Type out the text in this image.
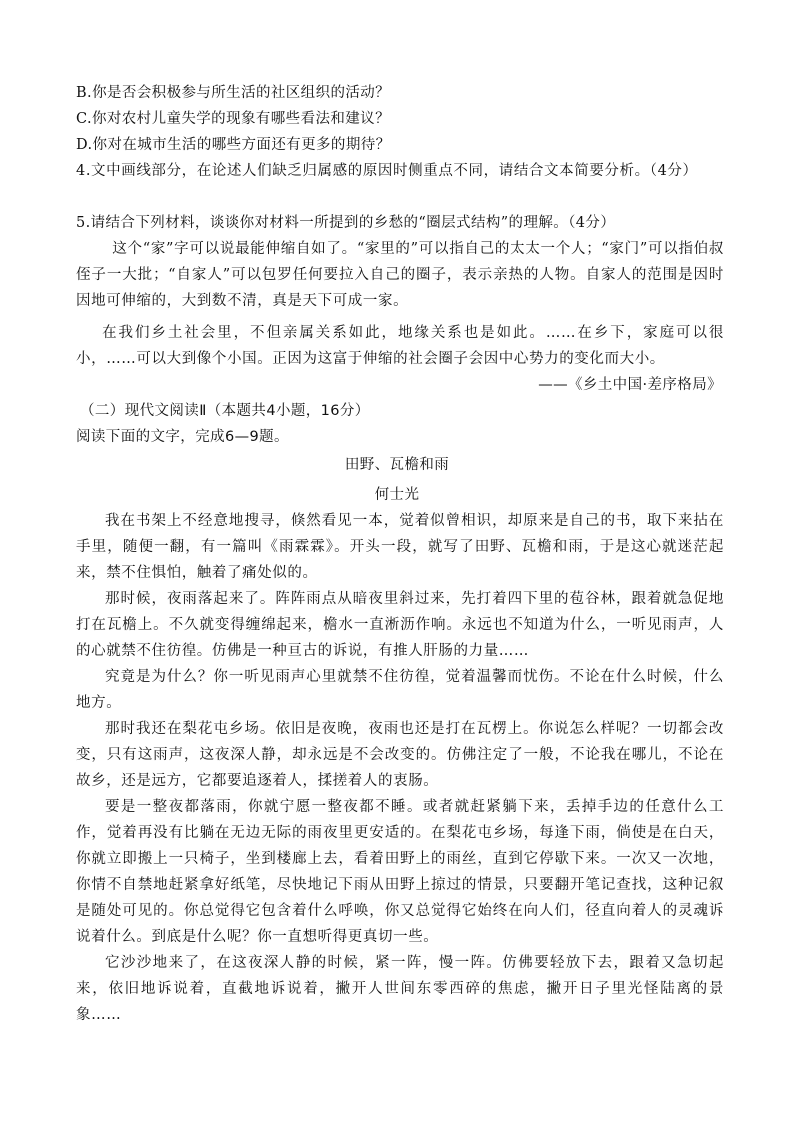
B.你是否会积极参与所生活的社区组织的活动？
C.你对农村儿童失学的现象有哪些看法和建议？
D.你对在城市生活的哪些方面还有更多的期待？
4.文中画线部分，在论述人们缺乏归属感的原因时侧重点不同，请结合文本简要分析。（4分）
5.请结合下列材料，谈谈你对材料一所提到的乡愁的“圈层式结构”的理解。（4分）
这个“家”字可以说最能伸缩自如了。“家里的”可以指自己的太太一个人；“家门”可以指伯叔侄子一大批；“自家人”可以包罗任何要拉入自己的圈子，表示亲热的人物。自家人的范围是因时因地可伸缩的，大到数不清，真是天下可成一家。
在我们乡土社会里，不但亲属关系如此，地缘关系也是如此。……在乡下，家庭可以很小，……可以大到像个小国。正因为这富于伸缩的社会圈子会因中心势力的变化而大小。
——《乡土中国·差序格局》
（二）现代文阅读Ⅱ（本题共4小题，16分）
阅读下面的文字，完成6—9题。
田野、瓦檐和雨
何士光
我在书架上不经意地搜寻，倏然看见一本，觉着似曾相识，却原来是自己的书，取下来拈在手里，随便一翻，有一篇叫《雨霖霖》。开头一段，就写了田野、瓦檐和雨，于是这心就迷茫起来，禁不住惧怕，触着了痛处似的。
那时候，夜雨落起来了。阵阵雨点从暗夜里斜过来，先打着四下里的苞谷林，跟着就急促地打在瓦檐上。不久就变得缠绵起来，檐水一直淅沥作响。永远也不知道为什么，一听见雨声，人的心就禁不住彷徨。仿佛是一种亘古的诉说，有推人肝肠的力量……
究竟是为什么？你一听见雨声心里就禁不住彷徨，觉着温馨而忧伤。不论在什么时候，什么地方。
那时我还在梨花屯乡场。依旧是夜晚，夜雨也还是打在瓦楞上。你说怎么样呢？一切都会改变，只有这雨声，这夜深人静，却永远是不会改变的。仿佛注定了一般，不论我在哪儿，不论在故乡，还是远方，它都要追逐着人，揉搓着人的衷肠。
要是一整夜都落雨，你就宁愿一整夜都不睡。或者就赶紧躺下来，丢掉手边的任意什么工作，觉着再没有比躺在无边无际的雨夜里更安适的。在梨花屯乡场，每逢下雨，倘使是在白天，你就立即搬上一只椅子，坐到楼廊上去，看着田野上的雨丝，直到它停歇下来。一次又一次地，你情不自禁地赶紧拿好纸笔，尽快地记下雨从田野上掠过的情景，只要翻开笔记查找，这种记叙是随处可见的。你总觉得它包含着什么呼唤，你又总觉得它始终在向人们，径直向着人的灵魂诉说着什么。到底是什么呢？你一直想听得更真切一些。
它沙沙地来了，在这夜深人静的时候，紧一阵，慢一阵。仿佛要轻放下去，跟着又急切起来，依旧地诉说着，直截地诉说着，撇开人世间东零西碎的焦虑，撇开日子里光怪陆离的景象……
